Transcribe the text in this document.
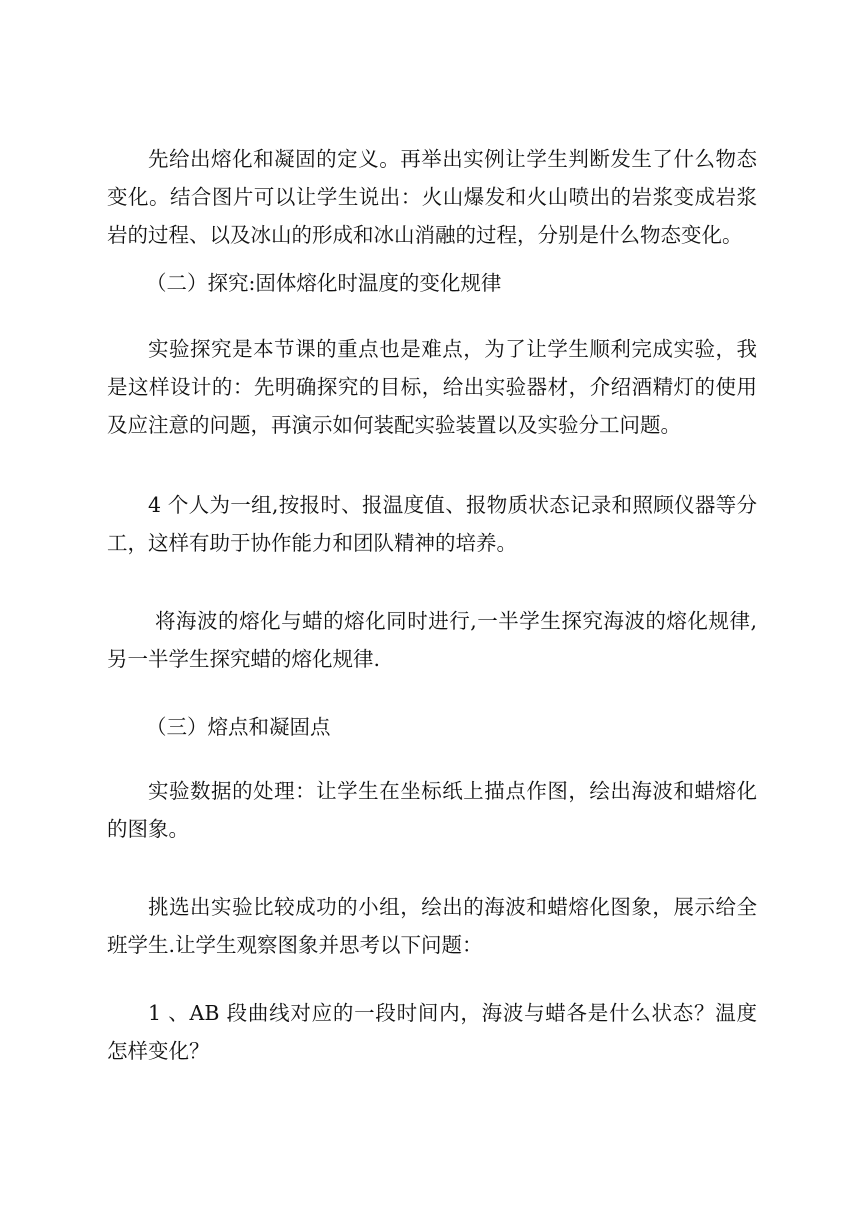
先给出熔化和凝固的定义。再举出实例让学生判断发生了什么物态变化。结合图片可以让学生说出：火山爆发和火山喷出的岩浆变成岩浆岩的过程、以及冰山的形成和冰山消融的过程，分别是什么物态变化。

（二）探究:固体熔化时温度的变化规律

实验探究是本节课的重点也是难点，为了让学生顺利完成实验，我是这样设计的：先明确探究的目标，给出实验器材，介绍酒精灯的使用及应注意的问题，再演示如何装配实验装置以及实验分工问题。

4 个人为一组,按报时、报温度值、报物质状态记录和照顾仪器等分工，这样有助于协作能力和团队精神的培养。

将海波的熔化与蜡的熔化同时进行,一半学生探究海波的熔化规律,另一半学生探究蜡的熔化规律.

（三）熔点和凝固点

实验数据的处理：让学生在坐标纸上描点作图，绘出海波和蜡熔化的图象。

挑选出实验比较成功的小组，绘出的海波和蜡熔化图象，展示给全班学生.让学生观察图象并思考以下问题：

1 、AB 段曲线对应的一段时间内，海波与蜡各是什么状态？温度怎样变化？
